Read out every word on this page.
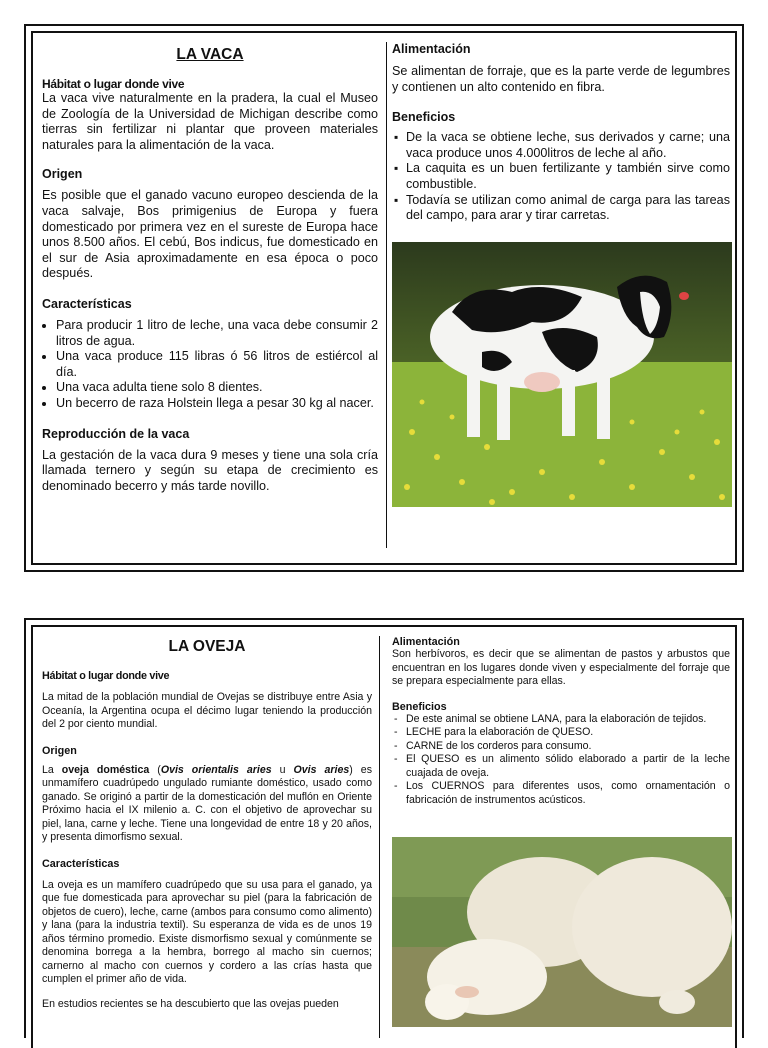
LA VACA
Hábitat o lugar donde vive

La vaca vive naturalmente en la pradera, la cual el Museo de Zoología de la Universidad de Michigan describe como tierras sin fertilizar ni plantar que proveen materiales naturales para la alimentación de la vaca.

Origen

Es posible que el ganado vacuno europeo descienda de la vaca salvaje, Bos primigenius de Europa y fuera domesticado por primera vez en el sureste de Europa hace unos 8.500 años. El cebú, Bos indicus, fue domesticado en el sur de Asia aproximadamente en esa época o poco después.

Características
• Para producir 1 litro de leche, una vaca debe consumir 2 litros de agua.
• Una vaca produce 115 libras ó 56 litros de estiércol al día.
• Una vaca adulta tiene solo 8 dientes.
• Un becerro de raza Holstein llega a pesar 30 kg al nacer.
Reproducción de la vaca

La gestación de la vaca dura 9 meses y tiene una sola cría llamada ternero y según su etapa de crecimiento es denominado becerro y más tarde novillo.

Alimentación

Se alimentan de forraje, que es la parte verde de legumbres y contienen un alto contenido en fibra.

Beneficios
▪ De la vaca se obtiene leche, sus derivados y carne; una vaca produce unos 4.000litros de leche al año.
▪ La caquita es un buen fertilizante y también sirve como combustible.
▪ Todavía se utilizan como animal de carga para las tareas del campo, para arar y tirar carretas.
LA OVEJA
Hábitat o lugar donde vive

La mitad de la población mundial de Ovejas se distribuye entre Asia y Oceanía, la Argentina ocupa el décimo lugar teniendo la producción del 2 por ciento mundial.

Origen

La oveja doméstica (Ovis orientalis aries u Ovis aries) es unmamífero cuadrúpedo ungulado rumiante doméstico, usado como ganado. Se originó a partir de la domesticación del muflón en Oriente Próximo hacia el IX milenio a. C. con el objetivo de aprovechar su piel, lana, carne y leche. Tiene una longevidad de entre 18 y 20 años, y presenta dimorfismo sexual.

Características

La oveja es un mamífero cuadrúpedo que su usa para el ganado, ya que fue domesticada para aprovechar su piel (para la fabricación de objetos de cuero), leche, carne (ambos para consumo como alimento) y lana (para la industria textil). Su esperanza de vida es de unos 19 años término promedio. Existe dismorfismo sexual y comúnmente se denomina borrega a la hembra, borrego al macho sin cuernos; carnerno al macho con cuernos y cordero a las crías hasta que cumplen el primer año de vida.

En estudios recientes se ha descubierto que las ovejas pueden

Alimentación

Son herbívoros, es decir que se alimentan de pastos y arbustos que encuentran en los lugares donde viven y especialmente del forraje que se prepara especialmente para ellas.

Beneficios
- De este animal se obtiene LANA, para la elaboración de tejidos.
- LECHE para la elaboración de QUESO.
- CARNE de los corderos para consumo.
- El QUESO es un alimento sólido elaborado a partir de la leche cuajada de oveja.
- Los CUERNOS para diferentes usos, como ornamentación o fabricación de instrumentos acústicos.
